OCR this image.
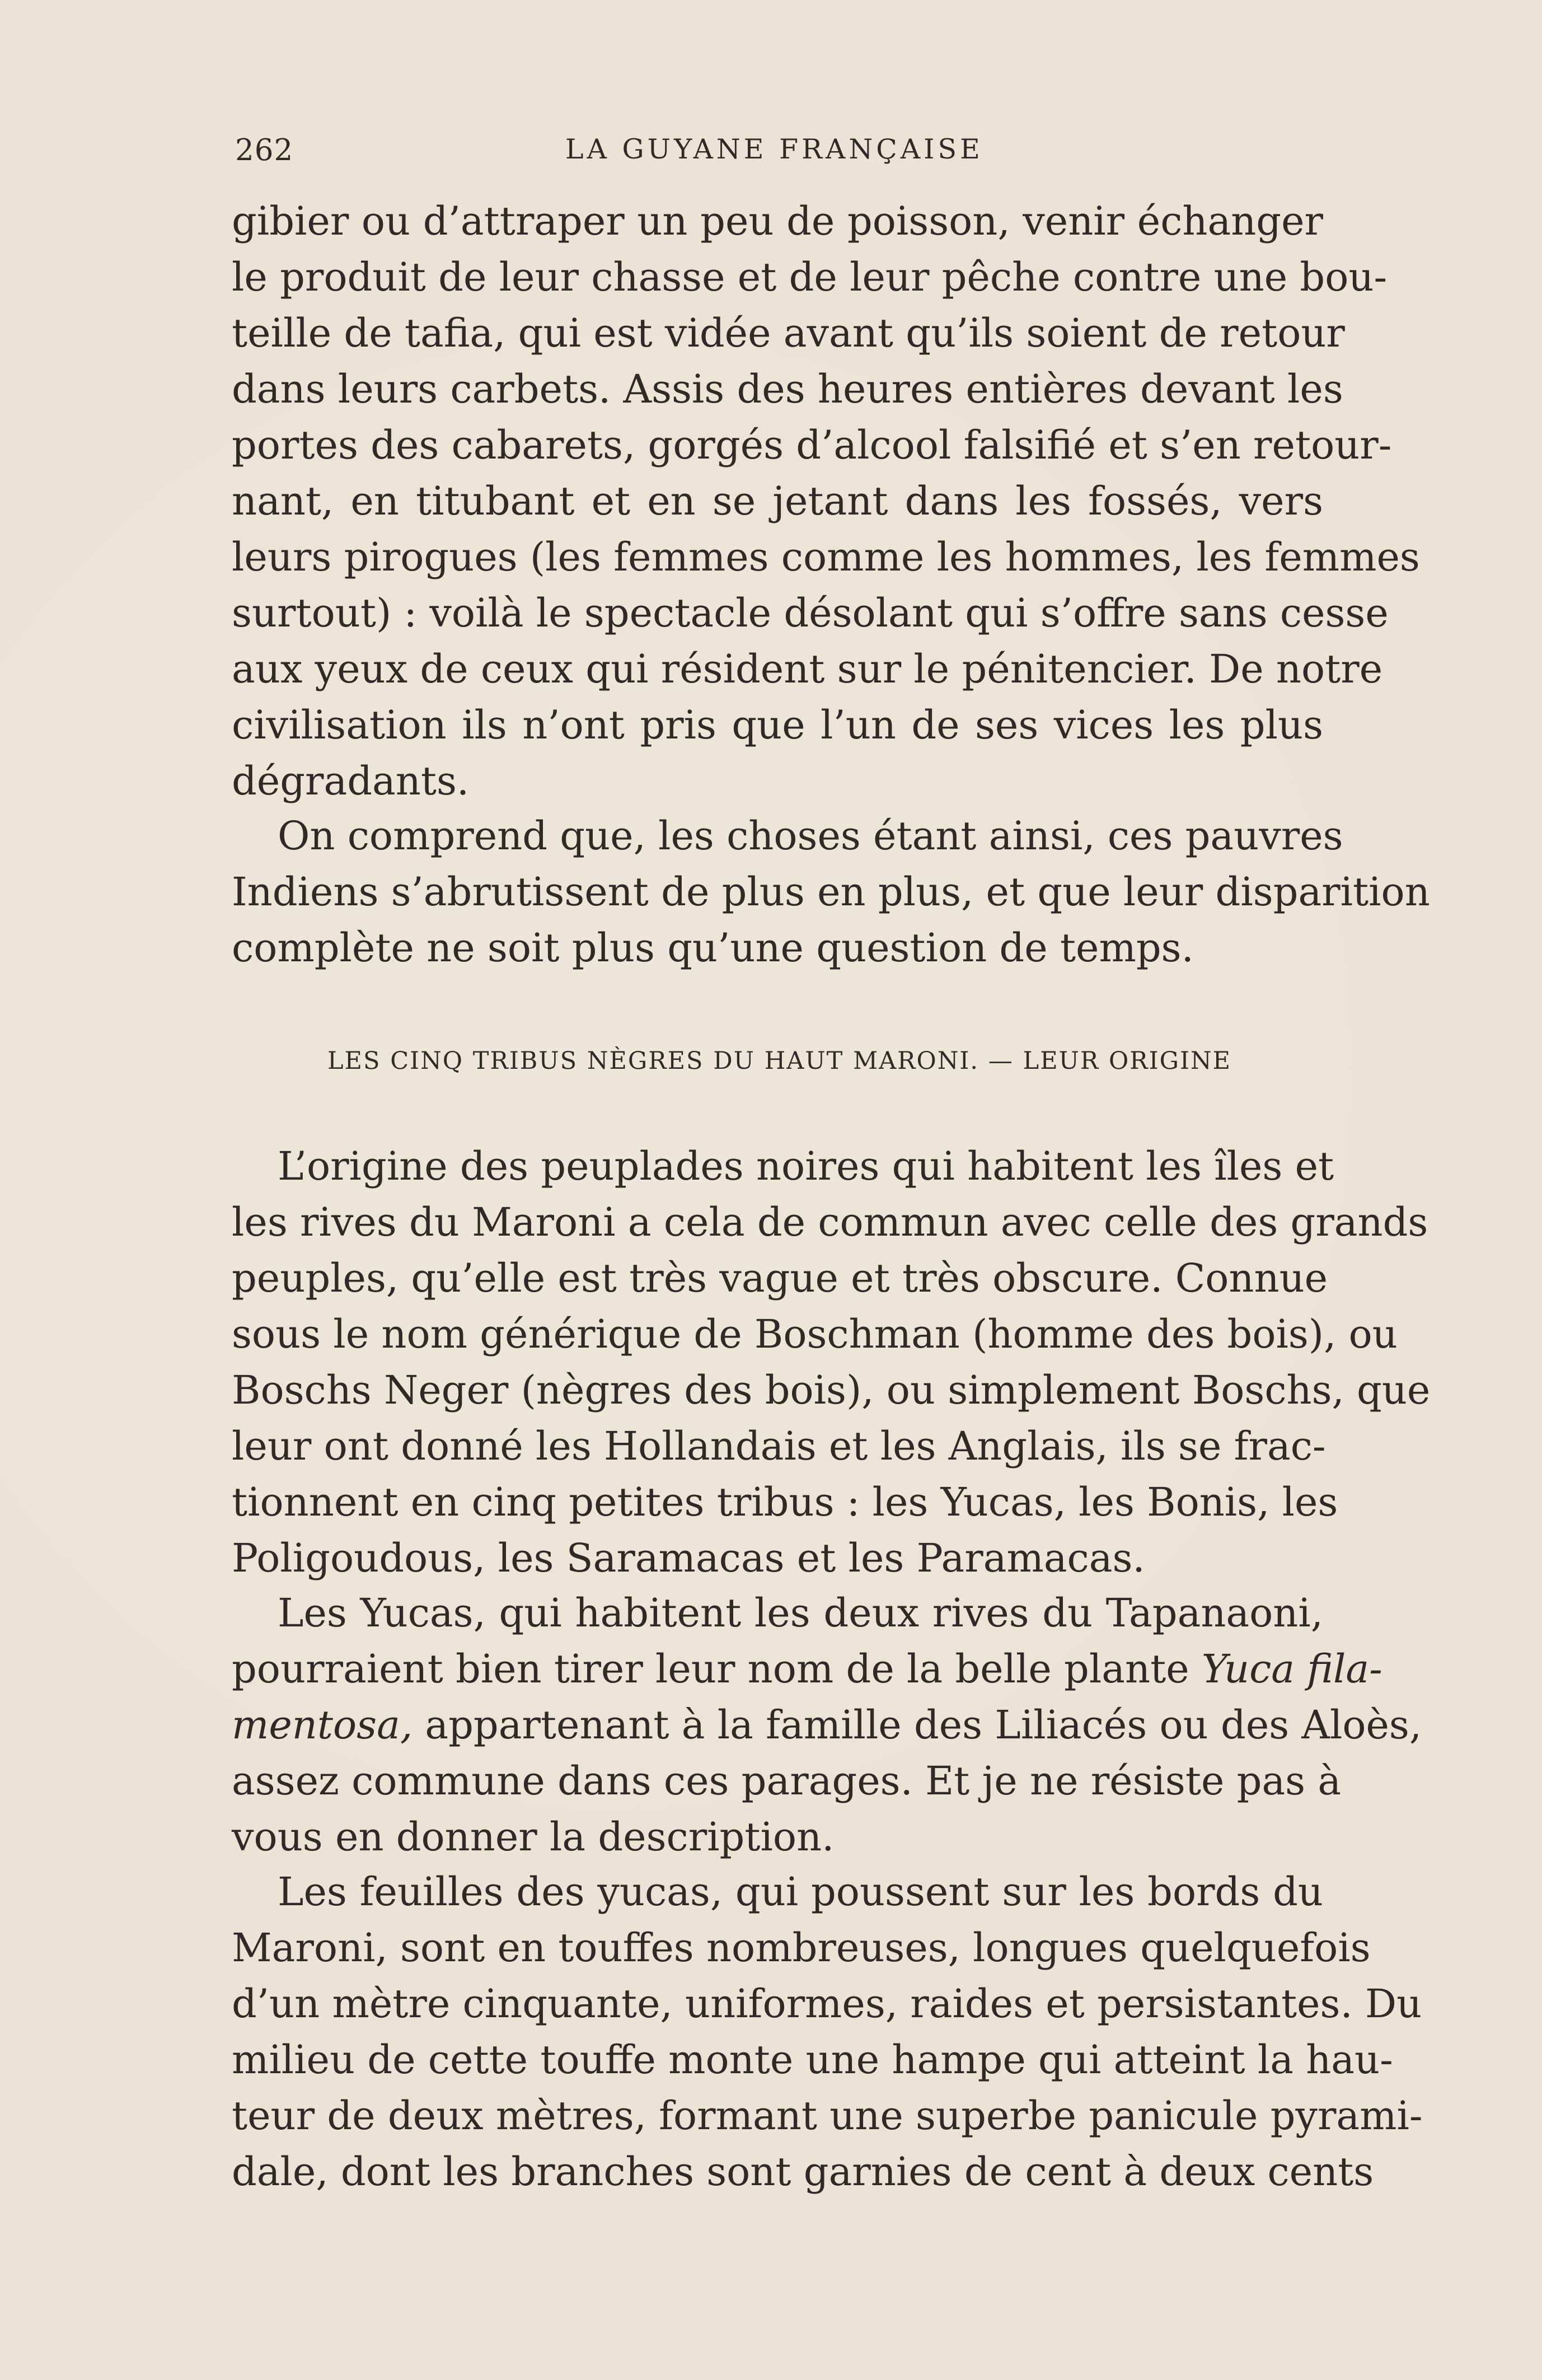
262	LA GUYANE FRANÇAISE
gibier ou d’attraper un peu de poisson, venir échanger
le produit de leur chasse et de leur pêche contre une bou-
teille de tafia, qui est vidée avant qu’ils soient de retour
dans leurs carbets. Assis des heures entières devant les
portes des cabarets, gorgés d’alcool falsifié et s’en retour-
nant, en titubant et en se jetant dans les fossés, vers
leurs pirogues (les femmes comme les hommes, les femmes
surtout) : voilà le spectacle désolant qui s’offre sans cesse
aux yeux de ceux qui résident sur le pénitencier. De notre
civilisation ils n’ont pris que l’un de ses vices les plus
dégradants.
On comprend que, les choses étant ainsi, ces pauvres
Indiens s’abrutissent de plus en plus, et que leur disparition
complète ne soit plus qu’une question de temps.
LES CINQ TRIBUS NÈGRES DU HAUT MARONI. — LEUR ORIGINE
L’origine des peuplades noires qui habitent les îles et
les rives du Maroni a cela de commun avec celle des grands
peuples, qu’elle est très vague et très obscure. Connue
sous le nom générique de Boschman (homme des bois), ou
Boschs Neger (nègres des bois), ou simplement Boschs, que
leur ont donné les Hollandais et les Anglais, ils se frac-
tionnent en cinq petites tribus : les Yucas, les Bonis, les
Poligoudous, les Saramacas et les Paramacas.
Les Yucas, qui habitent les deux rives du Tapanaoni,
pourraient bien tirer leur nom de la belle plante Yuca fila-
mentosa, appartenant à la famille des Liliacés ou des Aloès,
assez commune dans ces parages. Et je ne résiste pas à
vous en donner la description.
Les feuilles des yucas, qui poussent sur les bords du
Maroni, sont en touffes nombreuses, longues quelquefois
d’un mètre cinquante, uniformes, raides et persistantes. Du
milieu de cette touffe monte une hampe qui atteint la hau-
teur de deux mètres, formant une superbe panicule pyrami-
dale, dont les branches sont garnies de cent à deux cents
